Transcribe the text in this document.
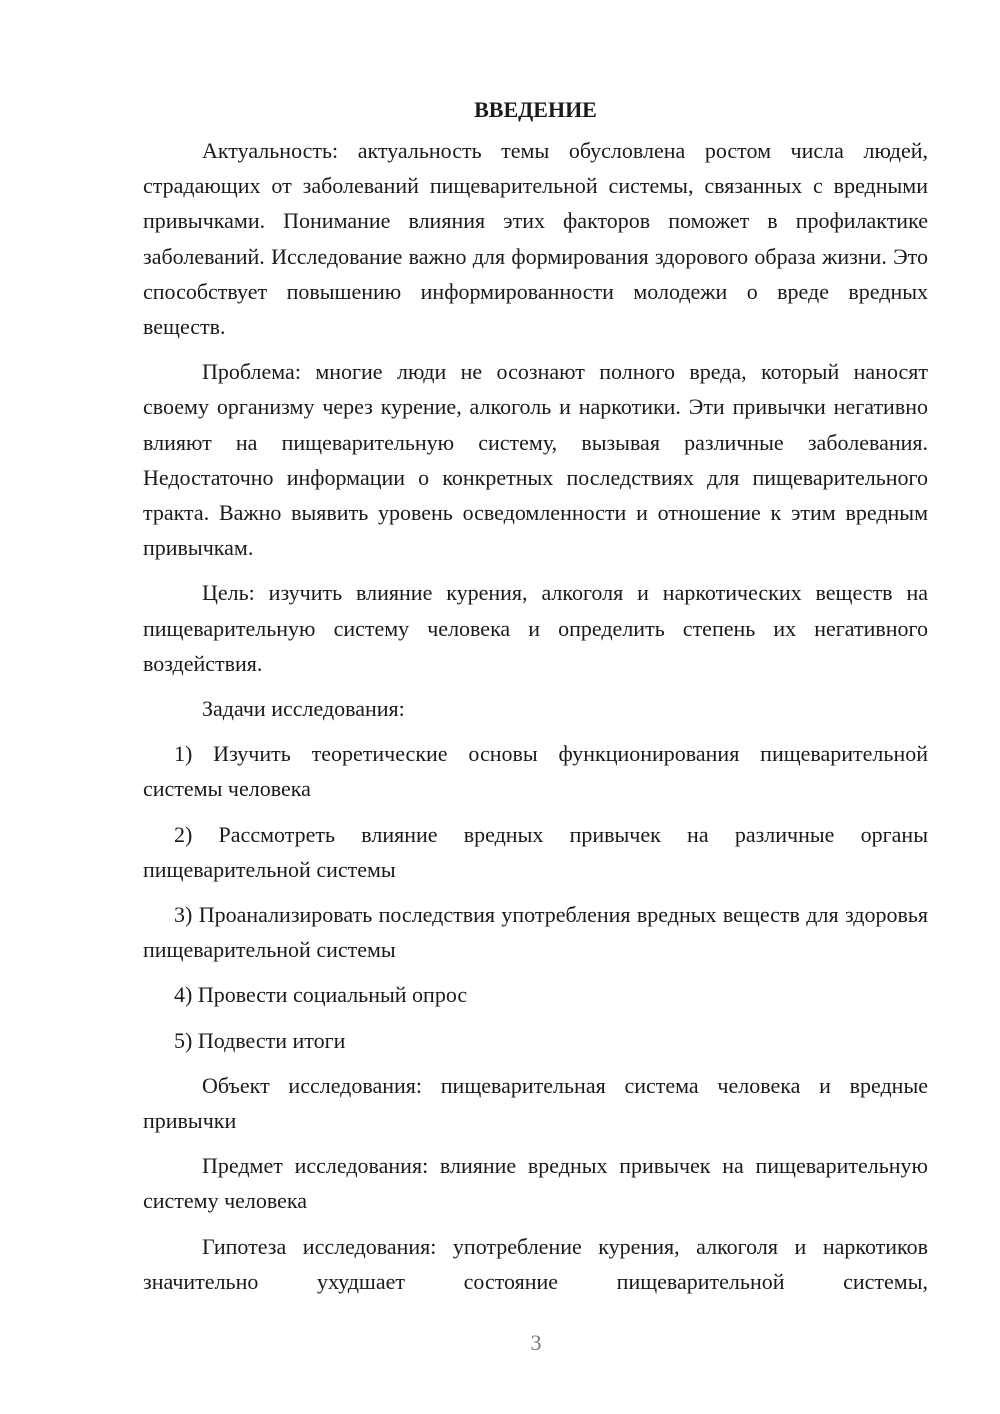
ВВЕДЕНИЕ

Актуальность: актуальность темы обусловлена ростом числа людей, страдающих от заболеваний пищеварительной системы, связанных с вредными привычками. Понимание влияния этих факторов поможет в профилактике заболеваний. Исследование важно для формирования здорового образа жизни. Это способствует повышению информированности молодежи о вреде вредных веществ.

Проблема: многие люди не осознают полного вреда, который наносят своему организму через курение, алкоголь и наркотики. Эти привычки негативно влияют на пищеварительную систему, вызывая различные заболевания. Недостаточно информации о конкретных последствиях для пищеварительного тракта. Важно выявить уровень осведомленности и отношение к этим вредным привычкам.

Цель: изучить влияние курения, алкоголя и наркотических веществ на пищеварительную систему человека и определить степень их негативного воздействия.

Задачи исследования:

1) Изучить теоретические основы функционирования пищеварительной системы человека

2) Рассмотреть влияние вредных привычек на различные органы пищеварительной системы

3) Проанализировать последствия употребления вредных веществ для здоровья пищеварительной системы

4) Провести социальный опрос

5) Подвести итоги

Объект исследования: пищеварительная система человека и вредные привычки

Предмет исследования: влияние вредных привычек на пищеварительную систему человека

Гипотеза исследования: употребление курения, алкоголя и наркотиков значительно ухудшает состояние пищеварительной системы,

3
